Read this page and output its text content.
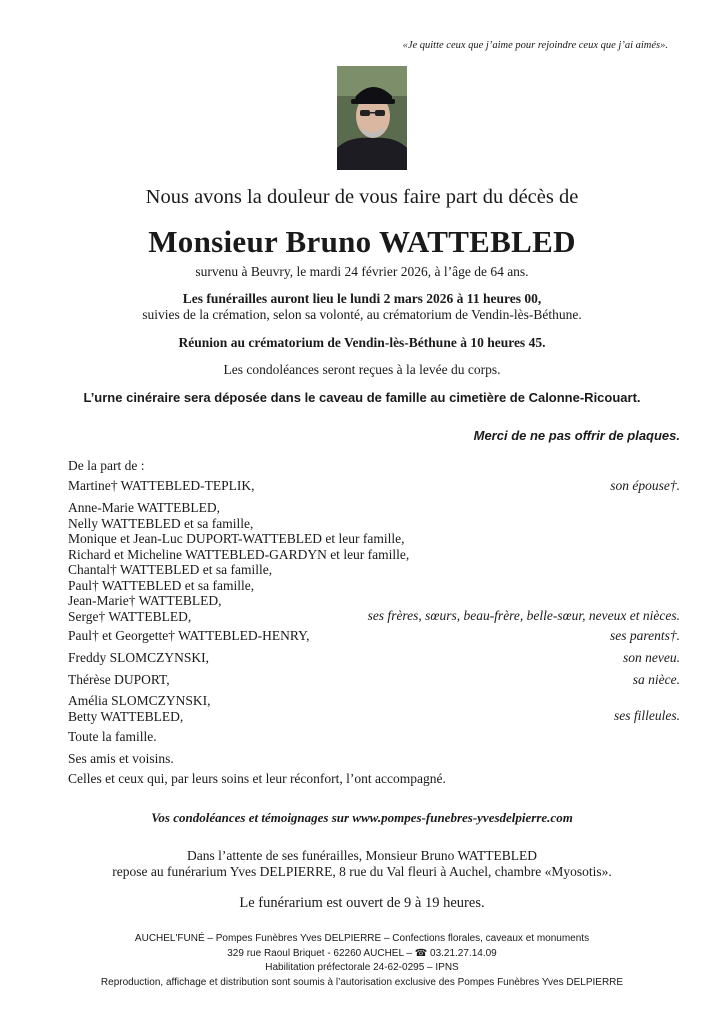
«Je quitte ceux que j’aime pour rejoindre ceux que j’ai aimés».
Nous avons la douleur de vous faire part du décès de
Monsieur Bruno WATTEBLED
survenu à Beuvry, le mardi 24 février 2026, à l’âge de 64 ans.
Les funérailles auront lieu le lundi 2 mars 2026 à 11 heures 00,
suivies de la crémation, selon sa volonté, au crématorium de Vendin-lès-Béthune.
Réunion au crématorium de Vendin-lès-Béthune à 10 heures 45.
Les condoléances seront reçues à la levée du corps.
L’urne cinéraire sera déposée dans le caveau de famille au cimetière de Calonne-Ricouart.
Merci de ne pas offrir de plaques.
De la part de :
Martine† WATTEBLED-TEPLIK,	son épouse†.
Anne-Marie WATTEBLED,
Nelly WATTEBLED et sa famille,
Monique et Jean-Luc DUPORT-WATTEBLED et leur famille,
Richard et Micheline WATTEBLED-GARDYN et leur famille,
Chantal† WATTEBLED et sa famille,
Paul† WATTEBLED et sa famille,
Jean-Marie† WATTEBLED,
Serge† WATTEBLED,	ses frères, sœurs, beau-frère, belle-sœur, neveux et nièces.
Paul† et Georgette† WATTEBLED-HENRY,	ses parents†.
Freddy SLOMCZYNSKI,	son neveu.
Thérèse DUPORT,	sa nièce.
Amélia SLOMCZYNSKI,
Betty WATTEBLED,	ses filleules.
Toute la famille.
Ses amis et voisins.
Celles et ceux qui, par leurs soins et leur réconfort, l’ont accompagné.
Vos condoléances et témoignages sur www.pompes-funebres-yvesdelpierre.com
Dans l’attente de ses funérailles, Monsieur Bruno WATTEBLED
repose au funérarium Yves DELPIERRE, 8 rue du Val fleuri à Auchel, chambre «Myosotis».
Le funérarium est ouvert de 9 à 19 heures.
AUCHEL'FUNÉ – Pompes Funèbres Yves DELPIERRE – Confections florales, caveaux et monuments
329 rue Raoul Briquet - 62260 AUCHEL – ☎ 03.21.27.14.09
Habilitation préfectorale 24-62-0295 – IPNS
Reproduction, affichage et distribution sont soumis à l’autorisation exclusive des Pompes Funèbres Yves DELPIERRE
